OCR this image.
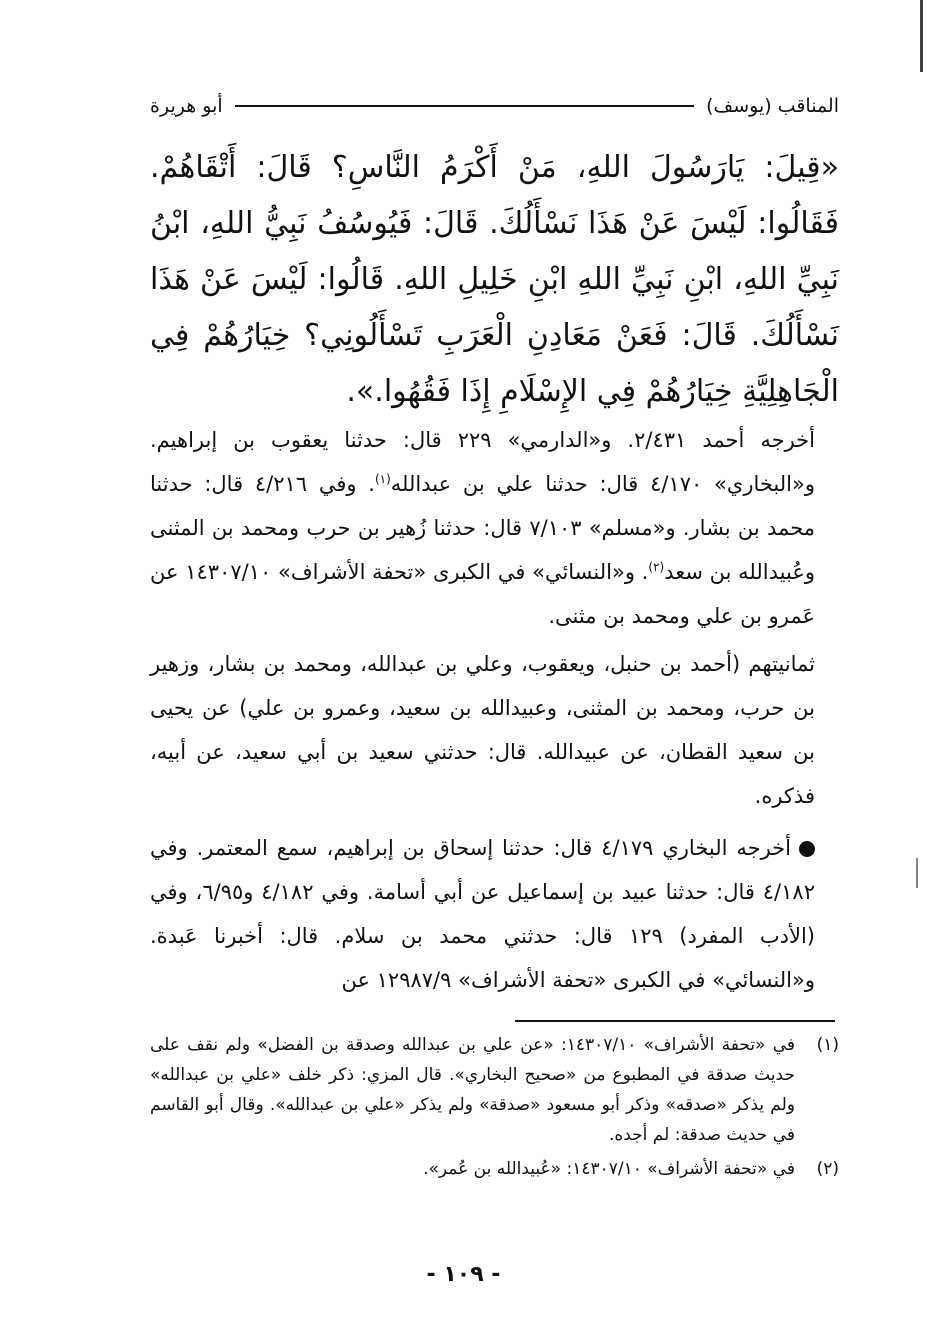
المناقب (يوسف)
أبو هريرة

«قِيلَ: يَارَسُولَ اللهِ، مَنْ أَكْرَمُ النَّاسِ؟ قَالَ: أَتْقَاهُمْ. فَقَالُوا: لَيْسَ عَنْ هَذَا نَسْأَلُكَ. قَالَ: فَيُوسُفُ نَبِيُّ اللهِ، ابْنُ نَبِيِّ اللهِ، ابْنِ نَبِيِّ اللهِ ابْنِ خَلِيلِ اللهِ. قَالُوا: لَيْسَ عَنْ هَذَا نَسْأَلُكَ. قَالَ: فَعَنْ مَعَادِنِ الْعَرَبِ تَسْأَلُونِي؟ خِيَارُهُمْ فِي الْجَاهِلِيَّةِ خِيَارُهُمْ فِي الإِسْلَامِ إِذَا فَقُهُوا.».

أخرجه أحمد ٢/٤٣١. و«الدارمي» ٢٢٩ قال: حدثنا يعقوب بن إبراهيم. و«البخاري» ٤/١٧٠ قال: حدثنا علي بن عبدالله$^{(١)}$. وفي ٤/٢١٦ قال: حدثنا محمد بن بشار. و«مسلم» ٧/١٠٣ قال: حدثنا زُهير بن حرب ومحمد بن المثنى وعُبيدالله بن سعد$^{(٢)}$. و«النسائي» في الكبرى «تحفة الأشراف» ١٤٣٠٧/١٠ عن عَمرو بن علي ومحمد بن مثنى.

ثمانيتهم (أحمد بن حنبل، ويعقوب، وعلي بن عبدالله، ومحمد بن بشار، وزهير بن حرب، ومحمد بن المثنى، وعبيدالله بن سعيد، وعمرو بن علي) عن يحيى بن سعيد القطان، عن عبيدالله. قال: حدثني سعيد بن أبي سعيد، عن أبيه، فذكره.

أخرجه البخاري ٤/١٧٩ قال: حدثنا إسحاق بن إبراهيم، سمع المعتمر. وفي ٤/١٨٢ قال: حدثنا عبيد بن إسماعيل عن أبي أسامة. وفي ٤/١٨٢ و٦/٩٥، وفي (الأدب المفرد) ١٢٩ قال: حدثني محمد بن سلام. قال: أخبرنا عَبدة. و«النسائي» في الكبرى «تحفة الأشراف» ١٢٩٨٧/٩ عن

(١)
في «تحفة الأشراف» ١٤٣٠٧/١٠: «عن علي بن عبدالله وصدقة بن الفضل» ولم نقف على حديث صدقة في المطبوع من «صحيح البخاري». قال المزي: ذكر خلف «علي بن عبدالله» ولم يذكر «صدقه» وذكر أبو مسعود «صدقة» ولم يذكر «علي بن عبدالله». وقال أبو القاسم في حديث صدقة: لم أجده.
(٢)
في «تحفة الأشراف» ١٤٣٠٧/١٠: «عُبيدالله بن عُمر».
- ١٠٩ -
